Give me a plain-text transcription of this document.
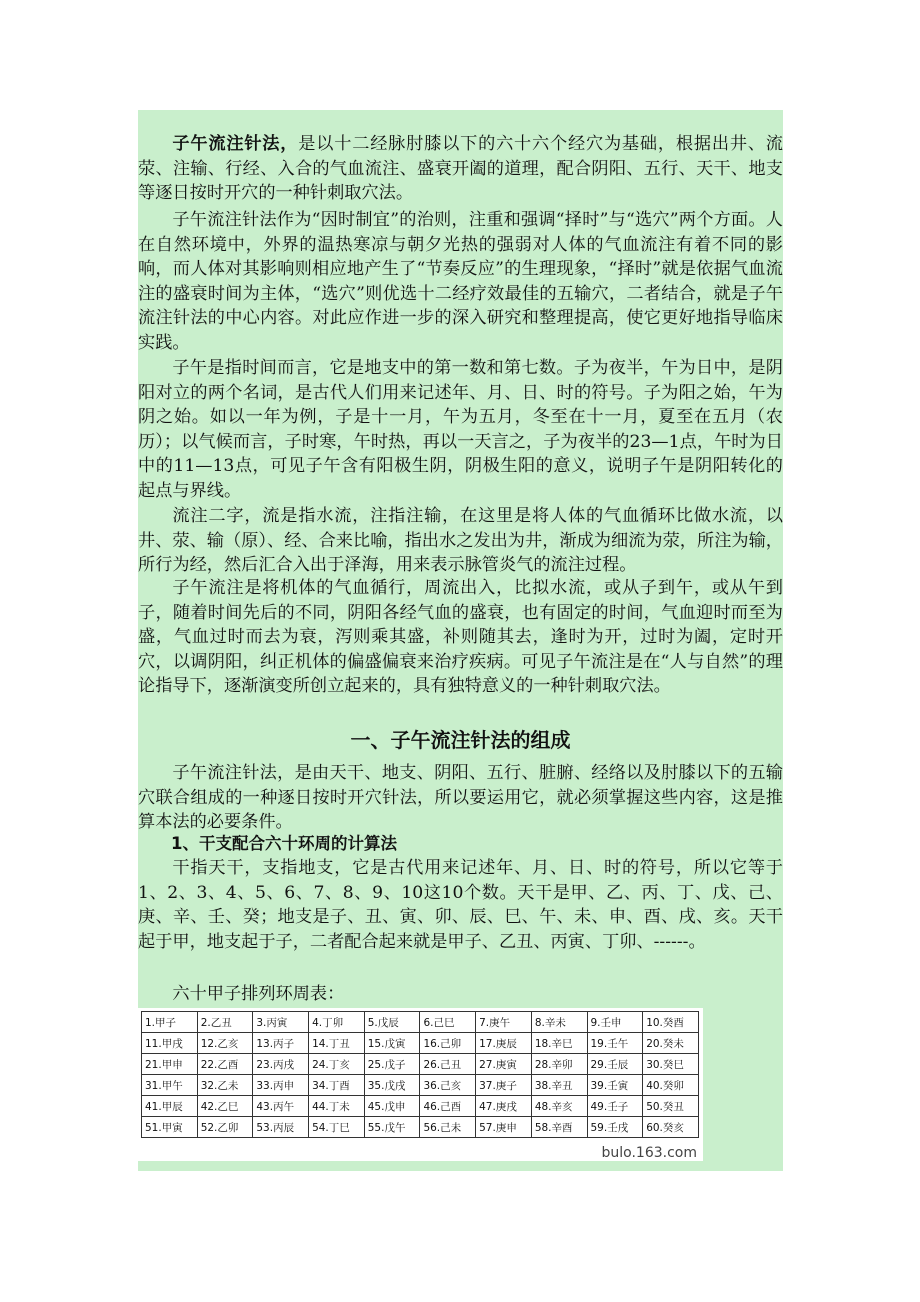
子午流注针法，是以十二经脉肘膝以下的六十六个经穴为基础，根据出井、流荥、注输、行经、入合的气血流注、盛衰开阖的道理，配合阴阳、五行、天干、地支等逐日按时开穴的一种针刺取穴法。

子午流注针法作为“因时制宜”的治则，注重和强调“择时”与“选穴”两个方面。人在自然环境中，外界的温热寒凉与朝夕光热的强弱对人体的气血流注有着不同的影响，而人体对其影响则相应地产生了“节奏反应”的生理现象，“择时”就是依据气血流注的盛衰时间为主体，“选穴”则优选十二经疗效最佳的五输穴，二者结合，就是子午流注针法的中心内容。对此应作进一步的深入研究和整理提高，使它更好地指导临床实践。

子午是指时间而言，它是地支中的第一数和第七数。子为夜半，午为日中，是阴阳对立的两个名词，是古代人们用来记述年、月、日、时的符号。子为阳之始，午为阴之始。如以一年为例，子是十一月，午为五月，冬至在十一月，夏至在五月（农历）；以气候而言，子时寒，午时热，再以一天言之，子为夜半的23—1点，午时为日中的11—13点，可见子午含有阳极生阴，阴极生阳的意义，说明子午是阴阳转化的起点与界线。

流注二字，流是指水流，注指注输，在这里是将人体的气血循环比做水流，以井、荥、输（原）、经、合来比喻，指出水之发出为井，渐成为细流为荥，所注为输，所行为经，然后汇合入出于泽海，用来表示脉管炎气的流注过程。

子午流注是将机体的气血循行，周流出入，比拟水流，或从子到午，或从午到子，随着时间先后的不同，阴阳各经气血的盛衰，也有固定的时间，气血迎时而至为盛，气血过时而去为衰，泻则乘其盛，补则随其去，逢时为开，过时为阖，定时开穴，以调阴阳，纠正机体的偏盛偏衰来治疗疾病。可见子午流注是在“人与自然”的理论指导下，逐渐演变所创立起来的，具有独特意义的一种针刺取穴法。

一、子午流注针法的组成

子午流注针法，是由天干、地支、阴阳、五行、脏腑、经络以及肘膝以下的五输穴联合组成的一种逐日按时开穴针法，所以要运用它，就必须掌握这些内容，这是推算本法的必要条件。

1、干支配合六十环周的计算法

干指天干，支指地支，它是古代用来记述年、月、日、时的符号，所以它等于1、2、3、4、5、6、7、8、9、10这10个数。天干是甲、乙、丙、丁、戊、己、庚、辛、壬、癸；地支是子、丑、寅、卯、辰、巳、午、未、申、酉、戌、亥。天干起于甲，地支起于子，二者配合起来就是甲子、乙丑、丙寅、丁卯、------。

六十甲子排列环周表：

1.甲子	2.乙丑	3.丙寅	4.丁卯	5.戊辰	6.己巳	7.庚午	8.辛未	9.壬申	10.癸酉
11.甲戌	12.乙亥	13.丙子	14.丁丑	15.戊寅	16.己卯	17.庚辰	18.辛巳	19.壬午	20.癸未
21.甲申	22.乙酉	23.丙戌	24.丁亥	25.戊子	26.己丑	27.庚寅	28.辛卯	29.壬辰	30.癸巳
31.甲午	32.乙未	33.丙申	34.丁酉	35.戊戌	36.己亥	37.庚子	38.辛丑	39.壬寅	40.癸卯
41.甲辰	42.乙巳	43.丙午	44.丁未	45.戊申	46.己酉	47.庚戌	48.辛亥	49.壬子	50.癸丑
51.甲寅	52.乙卯	53.丙辰	54.丁巳	55.戊午	56.己未	57.庚申	58.辛酉	59.壬戌	60.癸亥
bulo.163.com
